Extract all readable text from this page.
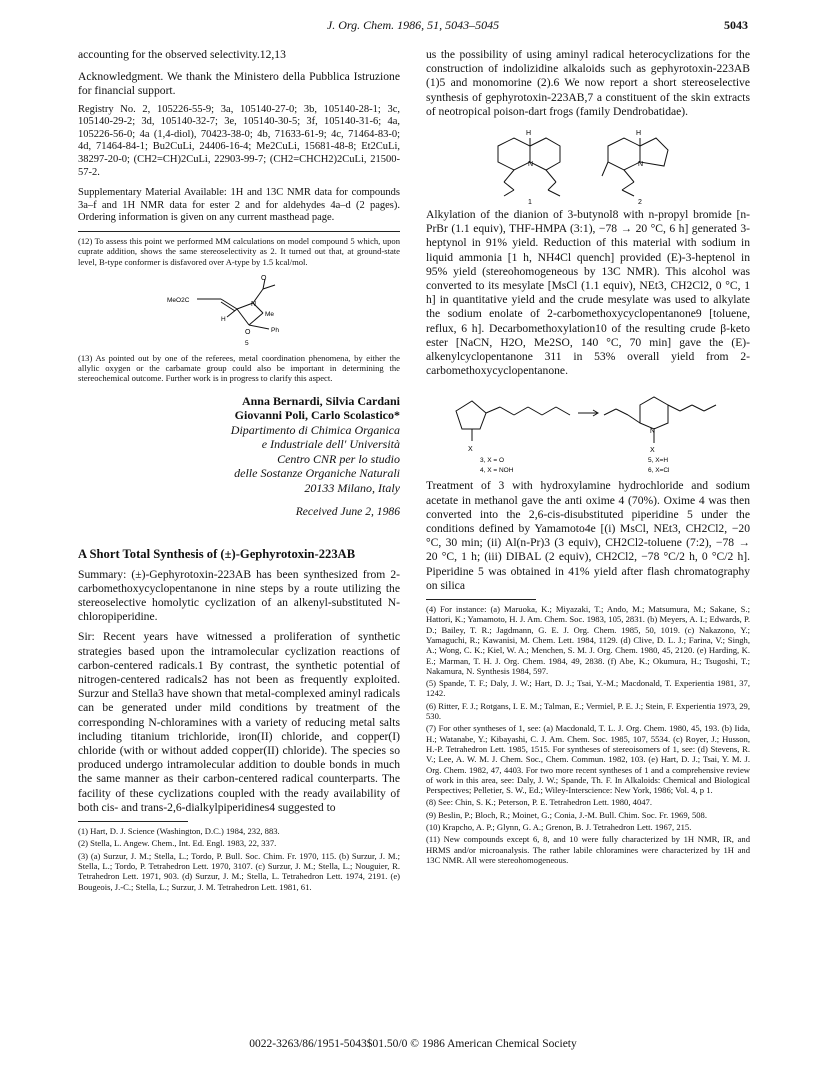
J. Org. Chem. 1986, 51, 5043–5045	5043

accounting for the observed selectivity.12,13

Acknowledgment. We thank the Ministero della Pubblica Istruzione for financial support.

Registry No. 2, 105226-55-9; 3a, 105140-27-0; 3b, 105140-28-1; 3c, 105140-29-2; 3d, 105140-32-7; 3e, 105140-30-5; 3f, 105140-31-6; 4a, 105226-56-0; 4a (1,4-diol), 70423-38-0; 4b, 71633-61-9; 4c, 71464-83-0; 4d, 71464-84-1; Bu2CuLi, 24406-16-4; Me2CuLi, 15681-48-8; Et2CuLi, 38297-20-0; (CH2=CH)2CuLi, 22903-99-7; (CH2=CHCH2)2CuLi, 21500-57-2.

Supplementary Material Available: 1H and 13C NMR data for compounds 3a–f and 1H NMR data for ester 2 and for aldehydes 4a–d (2 pages). Ordering information is given on any current masthead page.

(12) To assess this point we performed MM calculations on model compound 5 which, upon cuprate addition, shows the same stereoselectivity as 2. It turned out that, at ground-state level, B-type conformer is disfavored over A-type by 1.5 kcal/mol.

MeO2C
O
N
Me
H
O	Ph
5

(13) As pointed out by one of the referees, metal coordination phenomena, by either the allylic oxygen or the carbamate group could also be important in determining the stereochemical outcome. Further work is in progress to clarify this aspect.

Anna Bernardi, Silvia Cardani
Giovanni Poli, Carlo Scolastico*
Dipartimento di Chimica Organica
e Industriale dell' Università
Centro CNR per lo studio
delle Sostanze Organiche Naturali
20133 Milano, Italy
Received June 2, 1986
A Short Total Synthesis of (±)-Gephyrotoxin-223AB

Summary: (±)-Gephyrotoxin-223AB has been synthesized from 2-carbomethoxycyclopentanone in nine steps by a route utilizing the stereoselective homolytic cyclization of an alkenyl-substituted N-chloropiperidine.

Sir: Recent years have witnessed a proliferation of synthetic strategies based upon the intramolecular cyclization reactions of carbon-centered radicals.1 By contrast, the synthetic potential of nitrogen-centered radicals2 has not been as frequently exploited. Surzur and Stella3 have shown that metal-complexed aminyl radicals can be generated under mild conditions by treatment of the corresponding N-chloramines with a variety of reducing metal salts including titanium trichloride, iron(II) chloride, and copper(I) chloride (with or without added copper(II) chloride). The species so produced undergo intramolecular addition to double bonds in much the same manner as their carbon-centered radical counterparts. The facility of these cyclizations coupled with the ready availability of both cis- and trans-2,6-dialkylpiperidines4 suggested to

(1) Hart, D. J. Science (Washington, D.C.) 1984, 232, 883.

(2) Stella, L. Angew. Chem., Int. Ed. Engl. 1983, 22, 337.

(3) (a) Surzur, J. M.; Stella, L.; Tordo, P. Bull. Soc. Chim. Fr. 1970, 115. (b) Surzur, J. M.; Stella, L.; Tordo, P. Tetrahedron Lett. 1970, 3107. (c) Surzur, J. M.; Stella, L.; Nouguier, R. Tetrahedron Lett. 1971, 903. (d) Surzur, J. M.; Stella, L. Tetrahedron Lett. 1974, 2191. (e) Bougeois, J.-C.; Stella, L.; Surzur, J. M. Tetrahedron Lett. 1981, 61.

us the possibility of using aminyl radical heterocyclizations for the construction of indolizidine alkaloids such as gephyrotoxin-223AB (1)5 and monomorine (2).6 We now report a short stereoselective synthesis of gephyrotoxin-223AB,7 a constituent of the skin extracts of neotropical poison-dart frogs (family Dendrobatidae).

H
N
1
H
N
2

Alkylation of the dianion of 3-butynol8 with n-propyl bromide [n-PrBr (1.1 equiv), THF-HMPA (3:1), −78 → 20 °C, 6 h] generated 3-heptynol in 91% yield. Reduction of this material with sodium in liquid ammonia [1 h, NH4Cl quench] provided (E)-3-heptenol in 95% yield (stereohomogeneous by 13C NMR). This alcohol was converted to its mesylate [MsCl (1.1 equiv), NEt3, CH2Cl2, 0 °C, 1 h] in quantitative yield and the crude mesylate was used to alkylate the sodium enolate of 2-carbomethoxycyclopentanone9 [toluene, reflux, 6 h]. Decarbomethoxylation10 of the resulting crude β-keto ester [NaCN, H2O, Me2SO, 140 °C, 70 min] gave the (E)-alkenylcyclopentanone 311 in 53% overall yield from 2-carbomethoxycyclopentanone.

X
3, X = O
4, X = NOH
N
X
5, X=H
6, X=Cl

Treatment of 3 with hydroxylamine hydrochloride and sodium acetate in methanol gave the anti oxime 4 (70%). Oxime 4 was then converted into the 2,6-cis-disubstituted piperidine 5 under the conditions defined by Yamamoto4e [(i) MsCl, NEt3, CH2Cl2, −20 °C, 30 min; (ii) Al(n-Pr)3 (3 equiv), CH2Cl2-toluene (7:2), −78 → 20 °C, 1 h; (iii) DIBAL (2 equiv), CH2Cl2, −78 °C/2 h, 0 °C/2 h]. Piperidine 5 was obtained in 41% yield after flash chromatography on silica

(4) For instance: (a) Maruoka, K.; Miyazaki, T.; Ando, M.; Matsumura, M.; Sakane, S.; Hattori, K.; Yamamoto, H. J. Am. Chem. Soc. 1983, 105, 2831. (b) Meyers, A. I.; Edwards, P. D.; Bailey, T. R.; Jagdmann, G. E. J. Org. Chem. 1985, 50, 1019. (c) Nakazono, Y.; Yamaguchi, R.; Kawanisi, M. Chem. Lett. 1984, 1129. (d) Clive, D. L. J.; Farina, V.; Singh, A.; Wong, C. K.; Kiel, W. A.; Menchen, S. M. J. Org. Chem. 1980, 45, 2120. (e) Harding, K. E.; Marman, T. H. J. Org. Chem. 1984, 49, 2838. (f) Abe, K.; Okumura, H.; Tsugoshi, T.; Nakamura, N. Synthesis 1984, 597.

(5) Spande, T. F.; Daly, J. W.; Hart, D. J.; Tsai, Y.-M.; Macdonald, T. Experientia 1981, 37, 1242.

(6) Ritter, F. J.; Rotgans, I. E. M.; Talman, E.; Vermiel, P. E. J.; Stein, F. Experientia 1973, 29, 530.

(7) For other syntheses of 1, see: (a) Macdonald, T. L. J. Org. Chem. 1980, 45, 193. (b) Iida, H.; Watanabe, Y.; Kibayashi, C. J. Am. Chem. Soc. 1985, 107, 5534. (c) Royer, J.; Husson, H.-P. Tetrahedron Lett. 1985, 1515. For syntheses of stereoisomers of 1, see: (d) Stevens, R. V.; Lee, A. W. M. J. Chem. Soc., Chem. Commun. 1982, 103. (e) Hart, D. J.; Tsai, Y. M. J. Org. Chem. 1982, 47, 4403. For two more recent syntheses of 1 and a comprehensive review of work in this area, see: Daly, J. W.; Spande, Th. F. In Alkaloids: Chemical and Biological Perspectives; Pelletier, S. W., Ed.; Wiley-Interscience: New York, 1986; Vol. 4, p 1.

(8) See: Chin, S. K.; Peterson, P. E. Tetrahedron Lett. 1980, 4047.

(9) Beslin, P.; Bloch, R.; Moinet, G.; Conia, J.-M. Bull. Chim. Soc. Fr. 1969, 508.

(10) Krapcho, A. P.; Glynn, G. A.; Grenon, B. J. Tetrahedron Lett. 1967, 215.

(11) New compounds except 6, 8, and 10 were fully characterized by 1H NMR, IR, and HRMS and/or microanalysis. The rather labile chloramines were characterized by 1H and 13C NMR. All were stereohomogeneous.

0022-3263/86/1951-5043$01.50/0 © 1986 American Chemical Society
